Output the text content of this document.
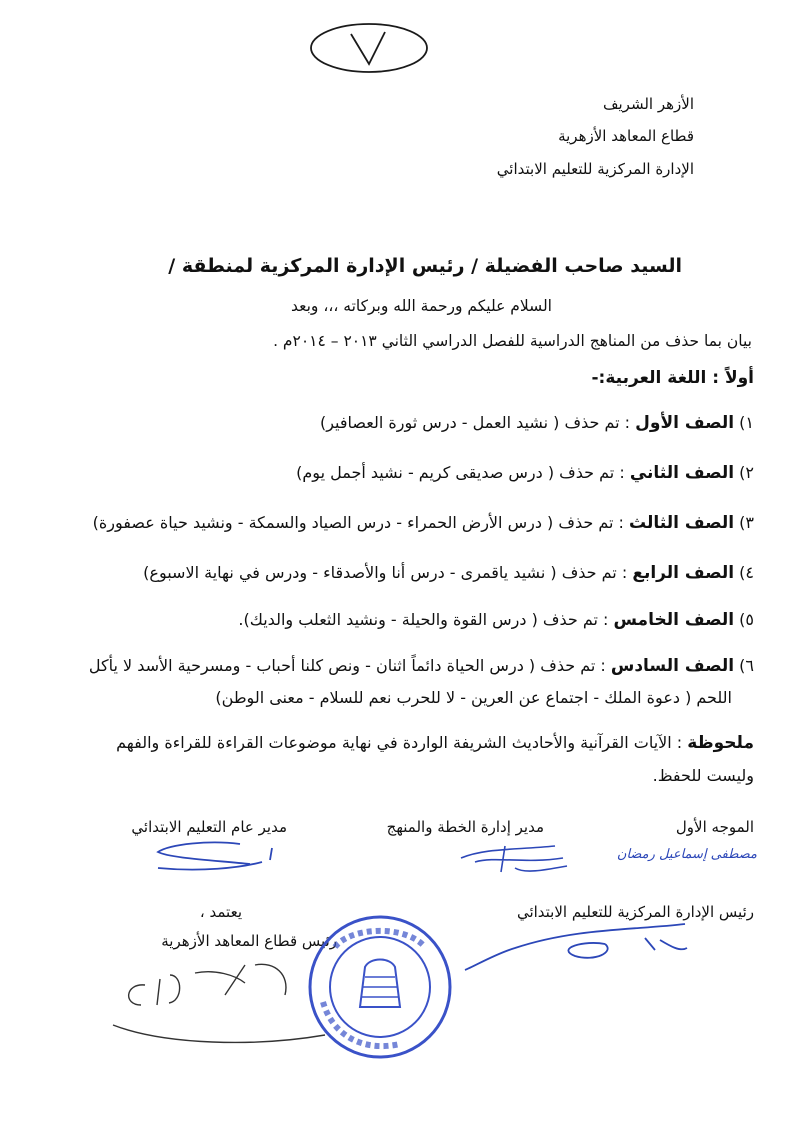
الأزهر الشريف
قطاع المعاهد الأزهرية
الإدارة المركزية للتعليم الابتدائي
السيد صاحب الفضيلة / رئيس الإدارة المركزية لمنطقة /
السلام عليكم ورحمة الله وبركاته ،،، وبعد
بيان بما حذف من المناهج الدراسية للفصل الدراسي الثاني ٢٠١٣ – ٢٠١٤م .
أولاً : اللغة العربية:-
١) الصف الأول : تم حذف ( نشيد العمل - درس ثورة العصافير)
٢) الصف الثاني : تم حذف ( درس صديقى كريم - نشيد أجمل يوم)
٣) الصف الثالث : تم حذف ( درس الأرض الحمراء - درس الصياد والسمكة - ونشيد حياة عصفورة)
٤) الصف الرابع : تم حذف ( نشيد ياقمرى - درس أنا والأصدقاء - ودرس في نهاية الاسبوع)
٥) الصف الخامس : تم حذف ( درس القوة والحيلة - ونشيد الثعلب والديك).
٦) الصف السادس : تم حذف ( درس الحياة دائماً اثنان - ونص كلنا أحباب - ومسرحية الأسد لا يأكل
اللحم ( دعوة الملك - اجتماع عن العرين - لا للحرب نعم للسلام - معنى الوطن)
ملحوظة : الآيات القرآنية والأحاديث الشريفة الواردة في نهاية موضوعات القراءة للقراءة والفهم
وليست للحفظ.
الموجه الأول
مدير إدارة الخطة والمنهج
مدير عام التعليم الابتدائي
مصطفى إسماعيل رمضان
رئيس الإدارة المركزية للتعليم الابتدائي
يعتمد ،
رئيس قطاع المعاهد الأزهرية
